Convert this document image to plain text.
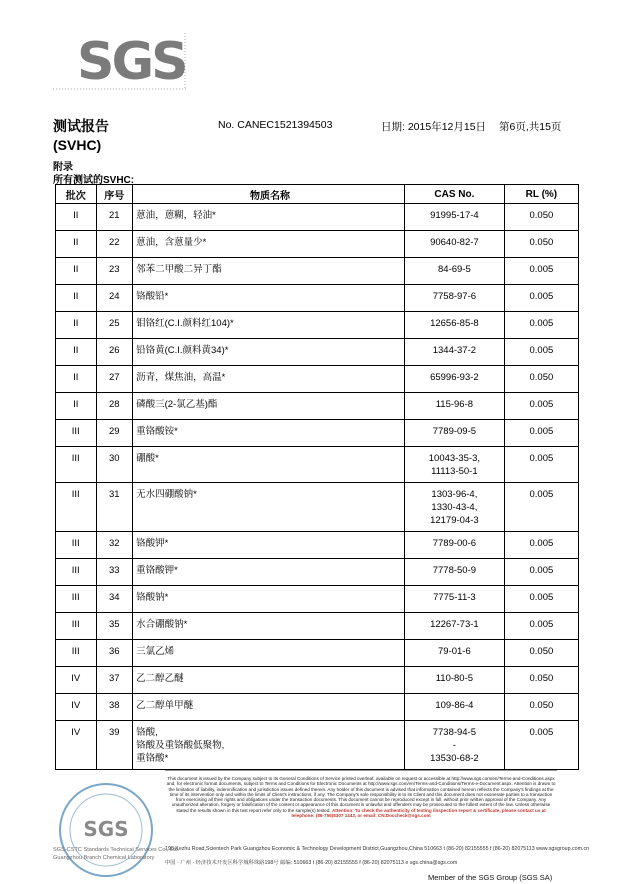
SGS
测试报告
(SVHC)
No. CANEC1521394503	日期: 2015年12月15日 第6页,共15页
附录
所有测试的SVHC:
批次	序号	物质名称	CAS No.	RL (%)
II	21	蒽油，蒽糊，轻油*	91995-17-4	0.050
II	22	蒽油，含蒽量少*	90640-82-7	0.050
II	23	邻苯二甲酸二异丁酯	84-69-5	0.005
II	24	铬酸铅*	7758-97-6	0.005
II	25	钼铬红(C.I.颜料红104)*	12656-85-8	0.005
II	26	铅铬黄(C.I.颜料黄34)*	1344-37-2	0.005
II	27	沥青，煤焦油，高温*	65996-93-2	0.050
II	28	磷酸三(2-氯乙基)酯	115-96-8	0.005
III	29	重铬酸铵*	7789-09-5	0.005
III	30	硼酸*	10043-35-3,
11113-50-1	0.005
III	31	无水四硼酸钠*	1303-96-4,
1330-43-4,
12179-04-3	0.005
III	32	铬酸钾*	7789-00-6	0.005
III	33	重铬酸钾*	7778-50-9	0.005
III	34	铬酸钠*	7775-11-3	0.005
III	35	水合硼酸钠*	12267-73-1	0.005
III	36	三氯乙烯	79-01-6	0.050
IV	37	乙二醇乙醚	110-80-5	0.050
IV	38	乙二醇单甲醚	109-86-4	0.050
IV	39	铬酸,
铬酸及重铬酸低聚物,
重铬酸*	7738-94-5
-
13530-68-2	0.005
This document is issued by the Company subject to its General Conditions of Service printed overleaf, available on request or accessible at http://www.sgs.com/en/Terms-and-Conditions.aspx and, for electronic format documents, subject to Terms and Conditions for Electronic Documents at http://www.sgs.com/en/Terms-and-Conditions/Terms-e-Document.aspx. Attention is drawn to the limitation of liability, indemnification and jurisdiction issues defined therein. Any holder of this document is advised that information contained hereon reflects the Company's findings at the time of its intervention only and within the limits of Client's instructions, if any. The Company's sole responsibility is to its Client and this document does not exonerate parties to a transaction from exercising all their rights and obligations under the transaction documents. This document cannot be reproduced except in full, without prior written approval of the Company. Any unauthorized alteration, forgery or falsification of the content or appearance of this document is unlawful and offenders may be prosecuted to the fullest extent of the law. Unless otherwise stated the results shown in this test report refer only to the sample(s) tested. Attention: To check the authenticity of testing /inspection report & certificate, please contact us at telephone: (86-755)8307 1443, or email: CN.Doccheck@sgs.com
SGS
SGS-CSTC Standards Technical Services Co., Ltd.
Guangzhou Branch Chemical Laboratory
198 Kezhu Road,Scientech Park Guangzhou Economic & Technology Development District,Guangzhou,China 510663 t (86-20) 82155555 f (86-20) 82075113 www.sgsgroup.com.cn
中国 · 广州 · 经济技术开发区科学城科珠路198号 邮编: 510663 t (86-20) 82155555 f (86-20) 82075113 e sgs.china@sgs.com
Member of the SGS Group (SGS SA)
